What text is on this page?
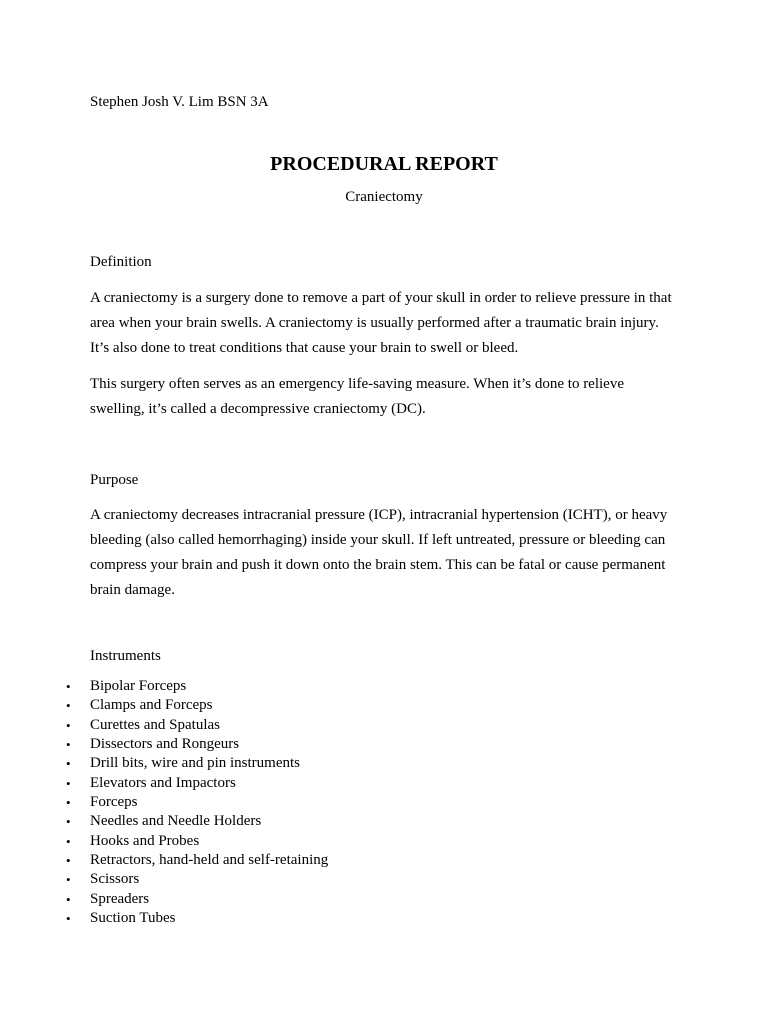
Stephen Josh V. Lim BSN 3A
PROCEDURAL REPORT
Craniectomy
Definition
A craniectomy is a surgery done to remove a part of your skull in order to relieve pressure in that
area when your brain swells. A craniectomy is usually performed after a traumatic brain injury.
It’s also done to treat conditions that cause your brain to swell or bleed.
This surgery often serves as an emergency life-saving measure. When it’s done to relieve
swelling, it’s called a decompressive craniectomy (DC).
Purpose
A craniectomy decreases intracranial pressure (ICP), intracranial hypertension (ICHT), or heavy
bleeding (also called hemorrhaging) inside your skull. If left untreated, pressure or bleeding can
compress your brain and push it down onto the brain stem. This can be fatal or cause permanent
brain damage.
Instruments
• Bipolar Forceps
• Clamps and Forceps
• Curettes and Spatulas
• Dissectors and Rongeurs
• Drill bits, wire and pin instruments
• Elevators and Impactors
• Forceps
• Needles and Needle Holders
• Hooks and Probes
• Retractors, hand-held and self-retaining
• Scissors
• Spreaders
• Suction Tubes
